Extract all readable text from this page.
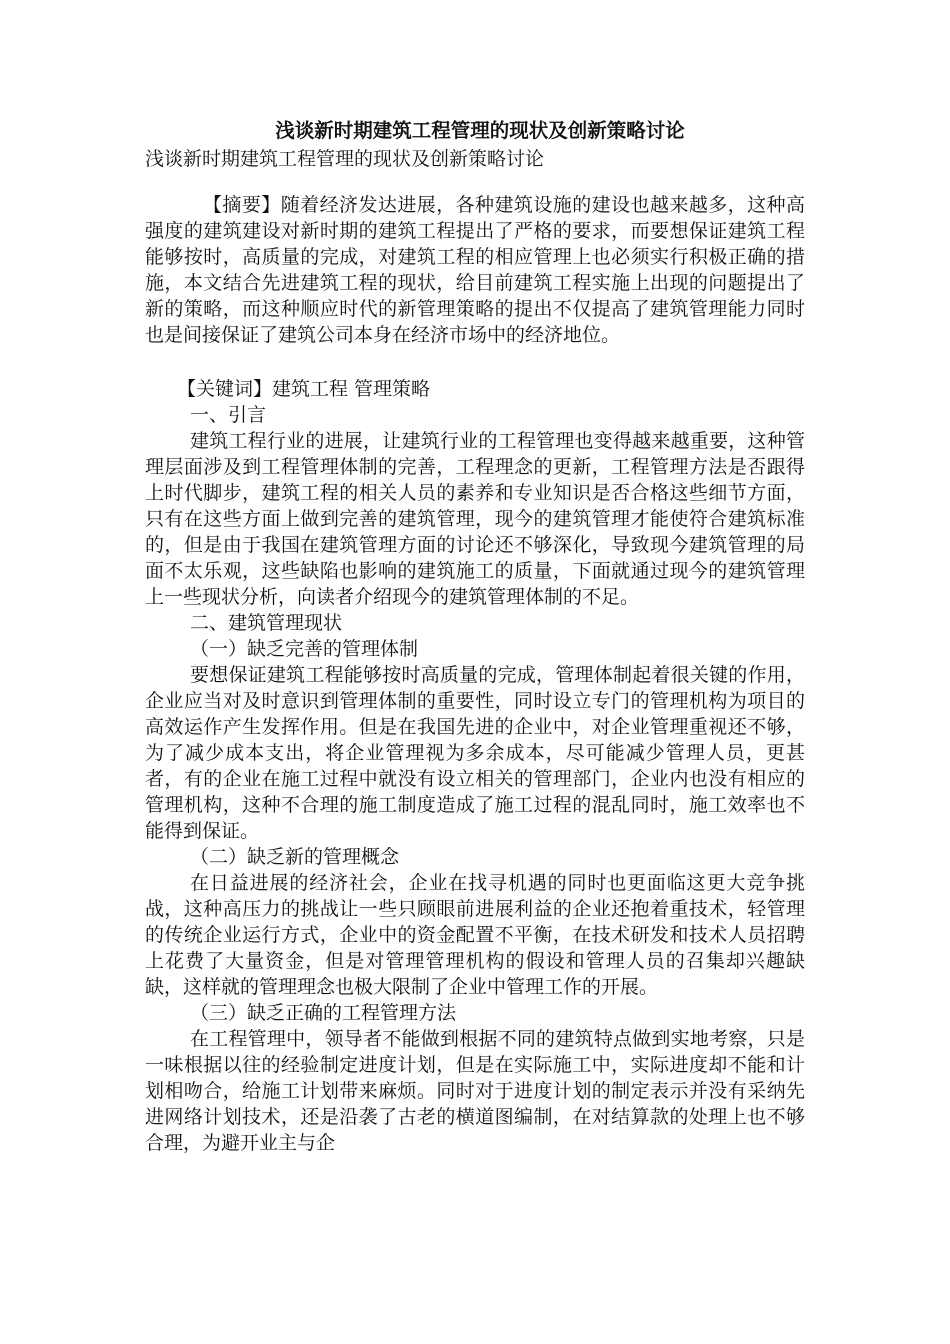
浅谈新时期建筑工程管理的现状及创新策略讨论

浅谈新时期建筑工程管理的现状及创新策略讨论

【摘要】随着经济发达进展，各种建筑设施的建设也越来越多，这种高强度的建筑建设对新时期的建筑工程提出了严格的要求，而要想保证建筑工程能够按时，高质量的完成，对建筑工程的相应管理上也必须实行积极正确的措施，本文结合先进建筑工程的现状，给目前建筑工程实施上出现的问题提出了新的策略，而这种顺应时代的新管理策略的提出不仅提高了建筑管理能力同时也是间接保证了建筑公司本身在经济市场中的经济地位。

【关键词】建筑工程 管理策略

一、引言

建筑工程行业的进展，让建筑行业的工程管理也变得越来越重要，这种管理层面涉及到工程管理体制的完善，工程理念的更新，工程管理方法是否跟得上时代脚步，建筑工程的相关人员的素养和专业知识是否合格这些细节方面，只有在这些方面上做到完善的建筑管理，现今的建筑管理才能使符合建筑标准的，但是由于我国在建筑管理方面的讨论还不够深化，导致现今建筑管理的局面不太乐观，这些缺陷也影响的建筑施工的质量，下面就通过现今的建筑管理上一些现状分析，向读者介绍现今的建筑管理体制的不足。

二、建筑管理现状

（一）缺乏完善的管理体制

要想保证建筑工程能够按时高质量的完成，管理体制起着很关键的作用，企业应当对及时意识到管理体制的重要性，同时设立专门的管理机构为项目的高效运作产生发挥作用。但是在我国先进的企业中，对企业管理重视还不够，为了减少成本支出，将企业管理视为多余成本，尽可能减少管理人员，更甚者，有的企业在施工过程中就没有设立相关的管理部门，企业内也没有相应的管理机构，这种不合理的施工制度造成了施工过程的混乱同时，施工效率也不能得到保证。

（二）缺乏新的管理概念

在日益进展的经济社会，企业在找寻机遇的同时也更面临这更大竞争挑战，这种高压力的挑战让一些只顾眼前进展利益的企业还抱着重技术，轻管理的传统企业运行方式，企业中的资金配置不平衡，在技术研发和技术人员招聘上花费了大量资金，但是对管理管理机构的假设和管理人员的召集却兴趣缺缺，这样就的管理理念也极大限制了企业中管理工作的开展。

（三）缺乏正确的工程管理方法

在工程管理中，领导者不能做到根据不同的建筑特点做到实地考察，只是一味根据以往的经验制定进度计划，但是在实际施工中，实际进度却不能和计划相吻合，给施工计划带来麻烦。同时对于进度计划的制定表示并没有采纳先进网络计划技术，还是沿袭了古老的横道图编制，在对结算款的处理上也不够合理，为避开业主与企
